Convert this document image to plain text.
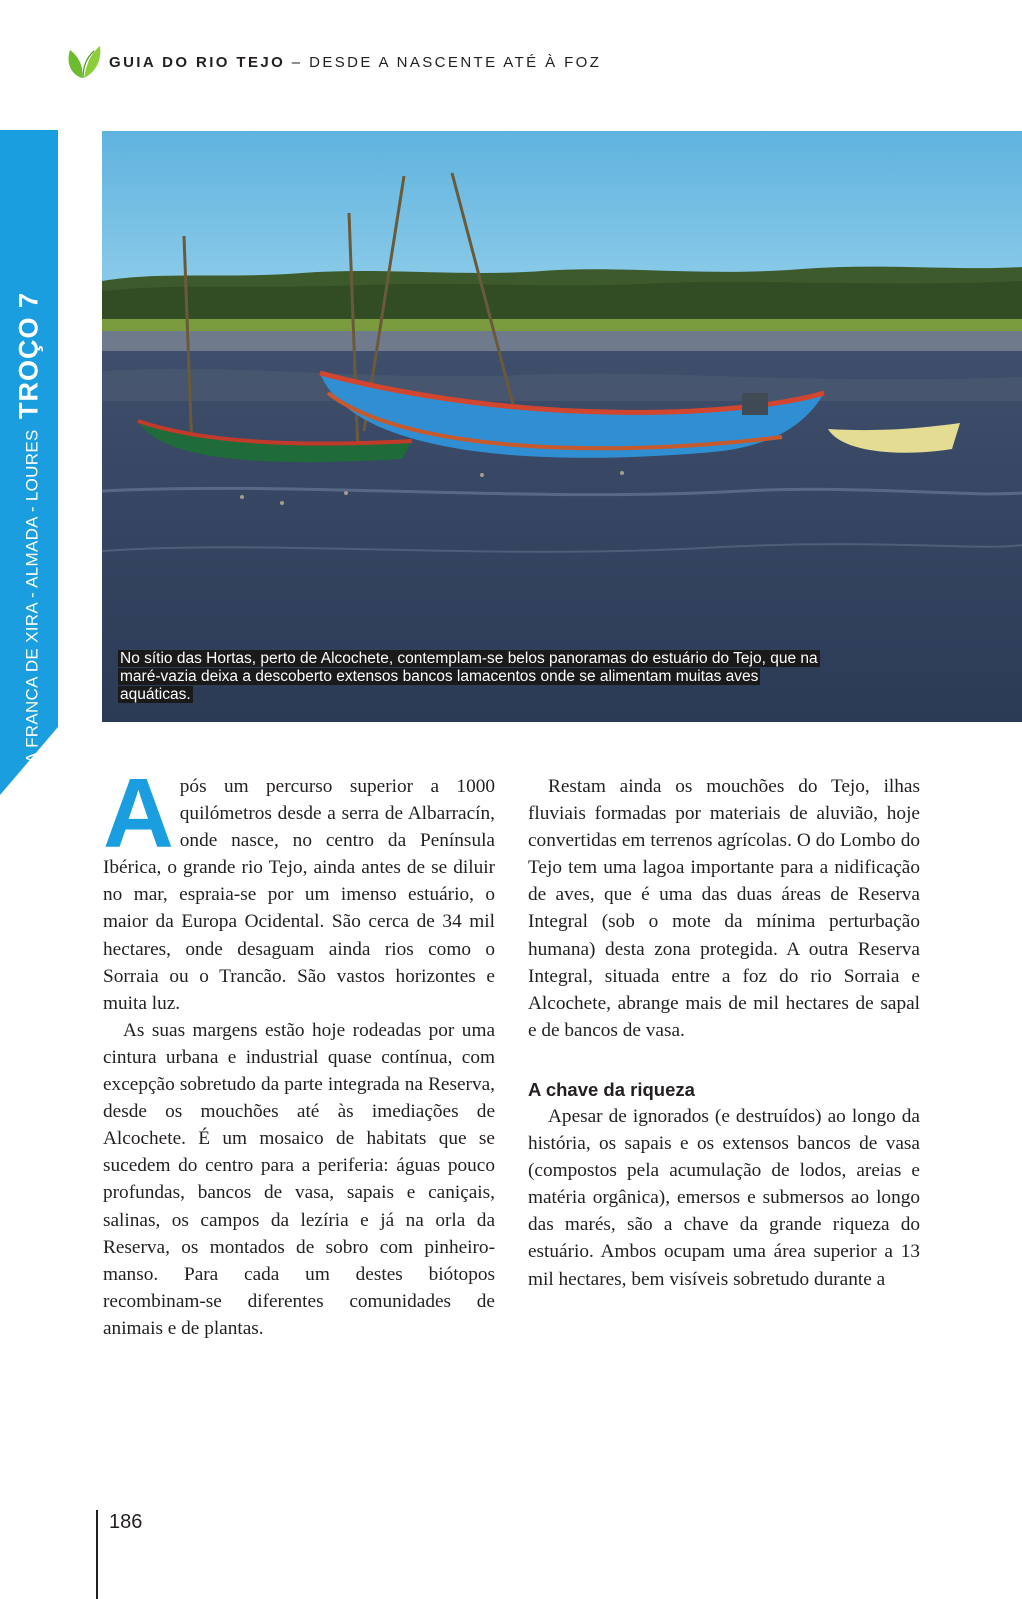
GUIA DO RIO TEJO – DESDE A NASCENTE ATÉ À FOZ
VILA FRANCA DE XIRA - ALMADA - LOURES TROÇO 7
No sítio das Hortas, perto de Alcochete, contemplam-se belos panoramas do estuário do Tejo, que na maré-vazia deixa a descoberto extensos bancos lamacentos onde se alimentam muitas aves aquáticas.

Após um percurso superior a 1000 quilómetros desde a serra de Albarracín, onde nasce, no centro da Península Ibérica, o grande rio Tejo, ainda antes de se diluir no mar, espraia-se por um imenso estuário, o maior da Europa Ocidental. São cerca de 34 mil hectares, onde desaguam ainda rios como o Sorraia ou o Trancão. São vastos horizontes e muita luz.

As suas margens estão hoje rodeadas por uma cintura urbana e industrial quase contínua, com excepção sobretudo da parte integrada na Reserva, desde os mouchões até às imediações de Alcochete. É um mosaico de habitats que se sucedem do centro para a periferia: águas pouco profundas, bancos de vasa, sapais e caniçais, salinas, os campos da lezíria e já na orla da Reserva, os montados de sobro com pinheiro-manso. Para cada um destes biótopos recombinam-se diferentes comunidades de animais e de plantas.

Restam ainda os mouchões do Tejo, ilhas fluviais formadas por materiais de aluvião, hoje convertidas em terrenos agrícolas. O do Lombo do Tejo tem uma lagoa importante para a nidificação de aves, que é uma das duas áreas de Reserva Integral (sob o mote da mínima perturbação humana) desta zona protegida. A outra Reserva Integral, situada entre a foz do rio Sorraia e Alcochete, abrange mais de mil hectares de sapal e de bancos de vasa.

A chave da riqueza

Apesar de ignorados (e destruídos) ao longo da história, os sapais e os extensos bancos de vasa (compostos pela acumulação de lodos, areias e matéria orgânica), emersos e submersos ao longo das marés, são a chave da grande riqueza do estuário. Ambos ocupam uma área superior a 13 mil hectares, bem visíveis sobretudo durante a

186
